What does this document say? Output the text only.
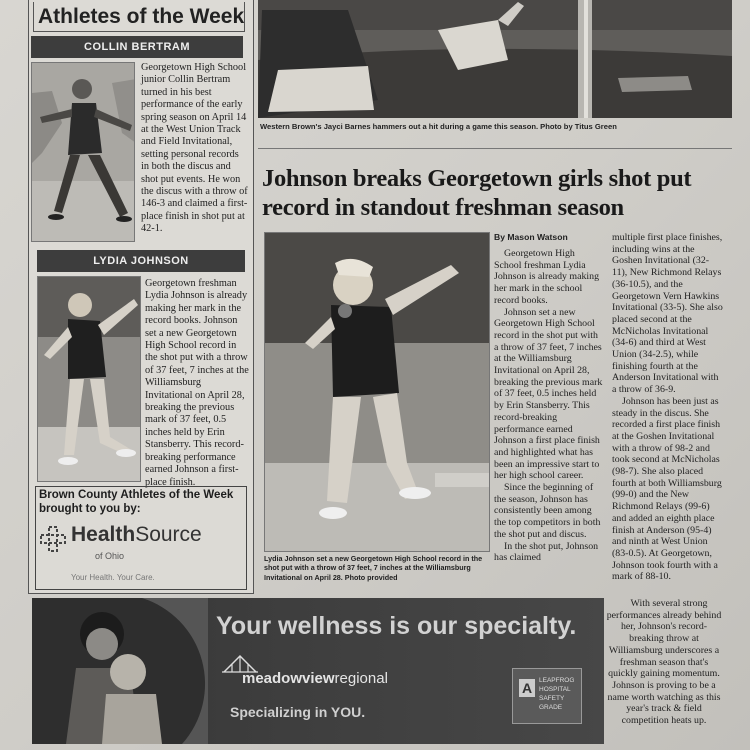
Athletes of the Week
COLLIN BERTRAM
Georgetown High School junior Collin Bertram turned in his best performance of the early spring season on April 14 at the West Union Track and Field Invitational, setting personal records in both the discus and shot put events. He won the discus with a throw of 146-3 and claimed a first-place finish in shot put at 42-1.
LYDIA JOHNSON
Georgetown freshman Lydia Johnson is already making her mark in the record books. Johnson set a new Georgetown High School record in the shot put with a throw of 37 feet, 7 inches at the Williamsburg Invitational on April 28, breaking the previous mark of 37 feet, 0.5 inches held by Erin Stansberry. This record-breaking performance earned Johnson a first-place finish.
Brown County Athletes of the Week
brought to you by:
HealthSource
of Ohio
Your Health. Your Care.
Western Brown's Jayci Barnes hammers out a hit during a game this season. Photo by Titus Green
Johnson breaks Georgetown girls shot put record in standout freshman season
Lydia Johnson set a new Georgetown High School record in the shot put with a throw of 37 feet, 7 inches at the Williamsburg Invitational on April 28. Photo provided
By Mason Watson

Georgetown High School freshman Lydia Johnson is already making her mark in the school record books.

Johnson set a new Georgetown High School record in the shot put with a throw of 37 feet, 7 inches at the Williamsburg Invitational on April 28, breaking the previous mark of 37 feet, 0.5 inches held by Erin Stansberry. This record-breaking performance earned Johnson a first place finish and highlighted what has been an impressive start to her high school career.

Since the beginning of the season, Johnson has consistently been among the top competitors in both the shot put and discus.

In the shot put, Johnson has claimed

multiple first place finishes, including wins at the Goshen Invitational (32-11), New Richmond Relays (36-10.5), and the Georgetown Vern Hawkins Invitational (33-5). She also placed second at the McNicholas Invitational (34-6) and third at West Union (34-2.5), while finishing fourth at the Anderson Invitational with a throw of 36-9.

Johnson has been just as steady in the discus. She recorded a first place finish at the Goshen Invitational with a throw of 98-2 and took second at McNicholas (98-7). She also placed fourth at both Williamsburg (99-0) and the New Richmond Relays (99-6) and added an eighth place finish at Anderson (95-4) and ninth at West Union (83-0.5). At Georgetown, Johnson took fourth with a mark of 88-10.

Your wellness is our specialty.
meadowviewregional
Specializing in YOU.
A	LEAPFROG
HOSPITAL
SAFETY
GRADE
With several strong performances already behind her, Johnson's record-breaking throw at Williamsburg underscores a freshman season that's quickly gaining momentum. Johnson is proving to be a name worth watching as this year's track & field competition heats up.
